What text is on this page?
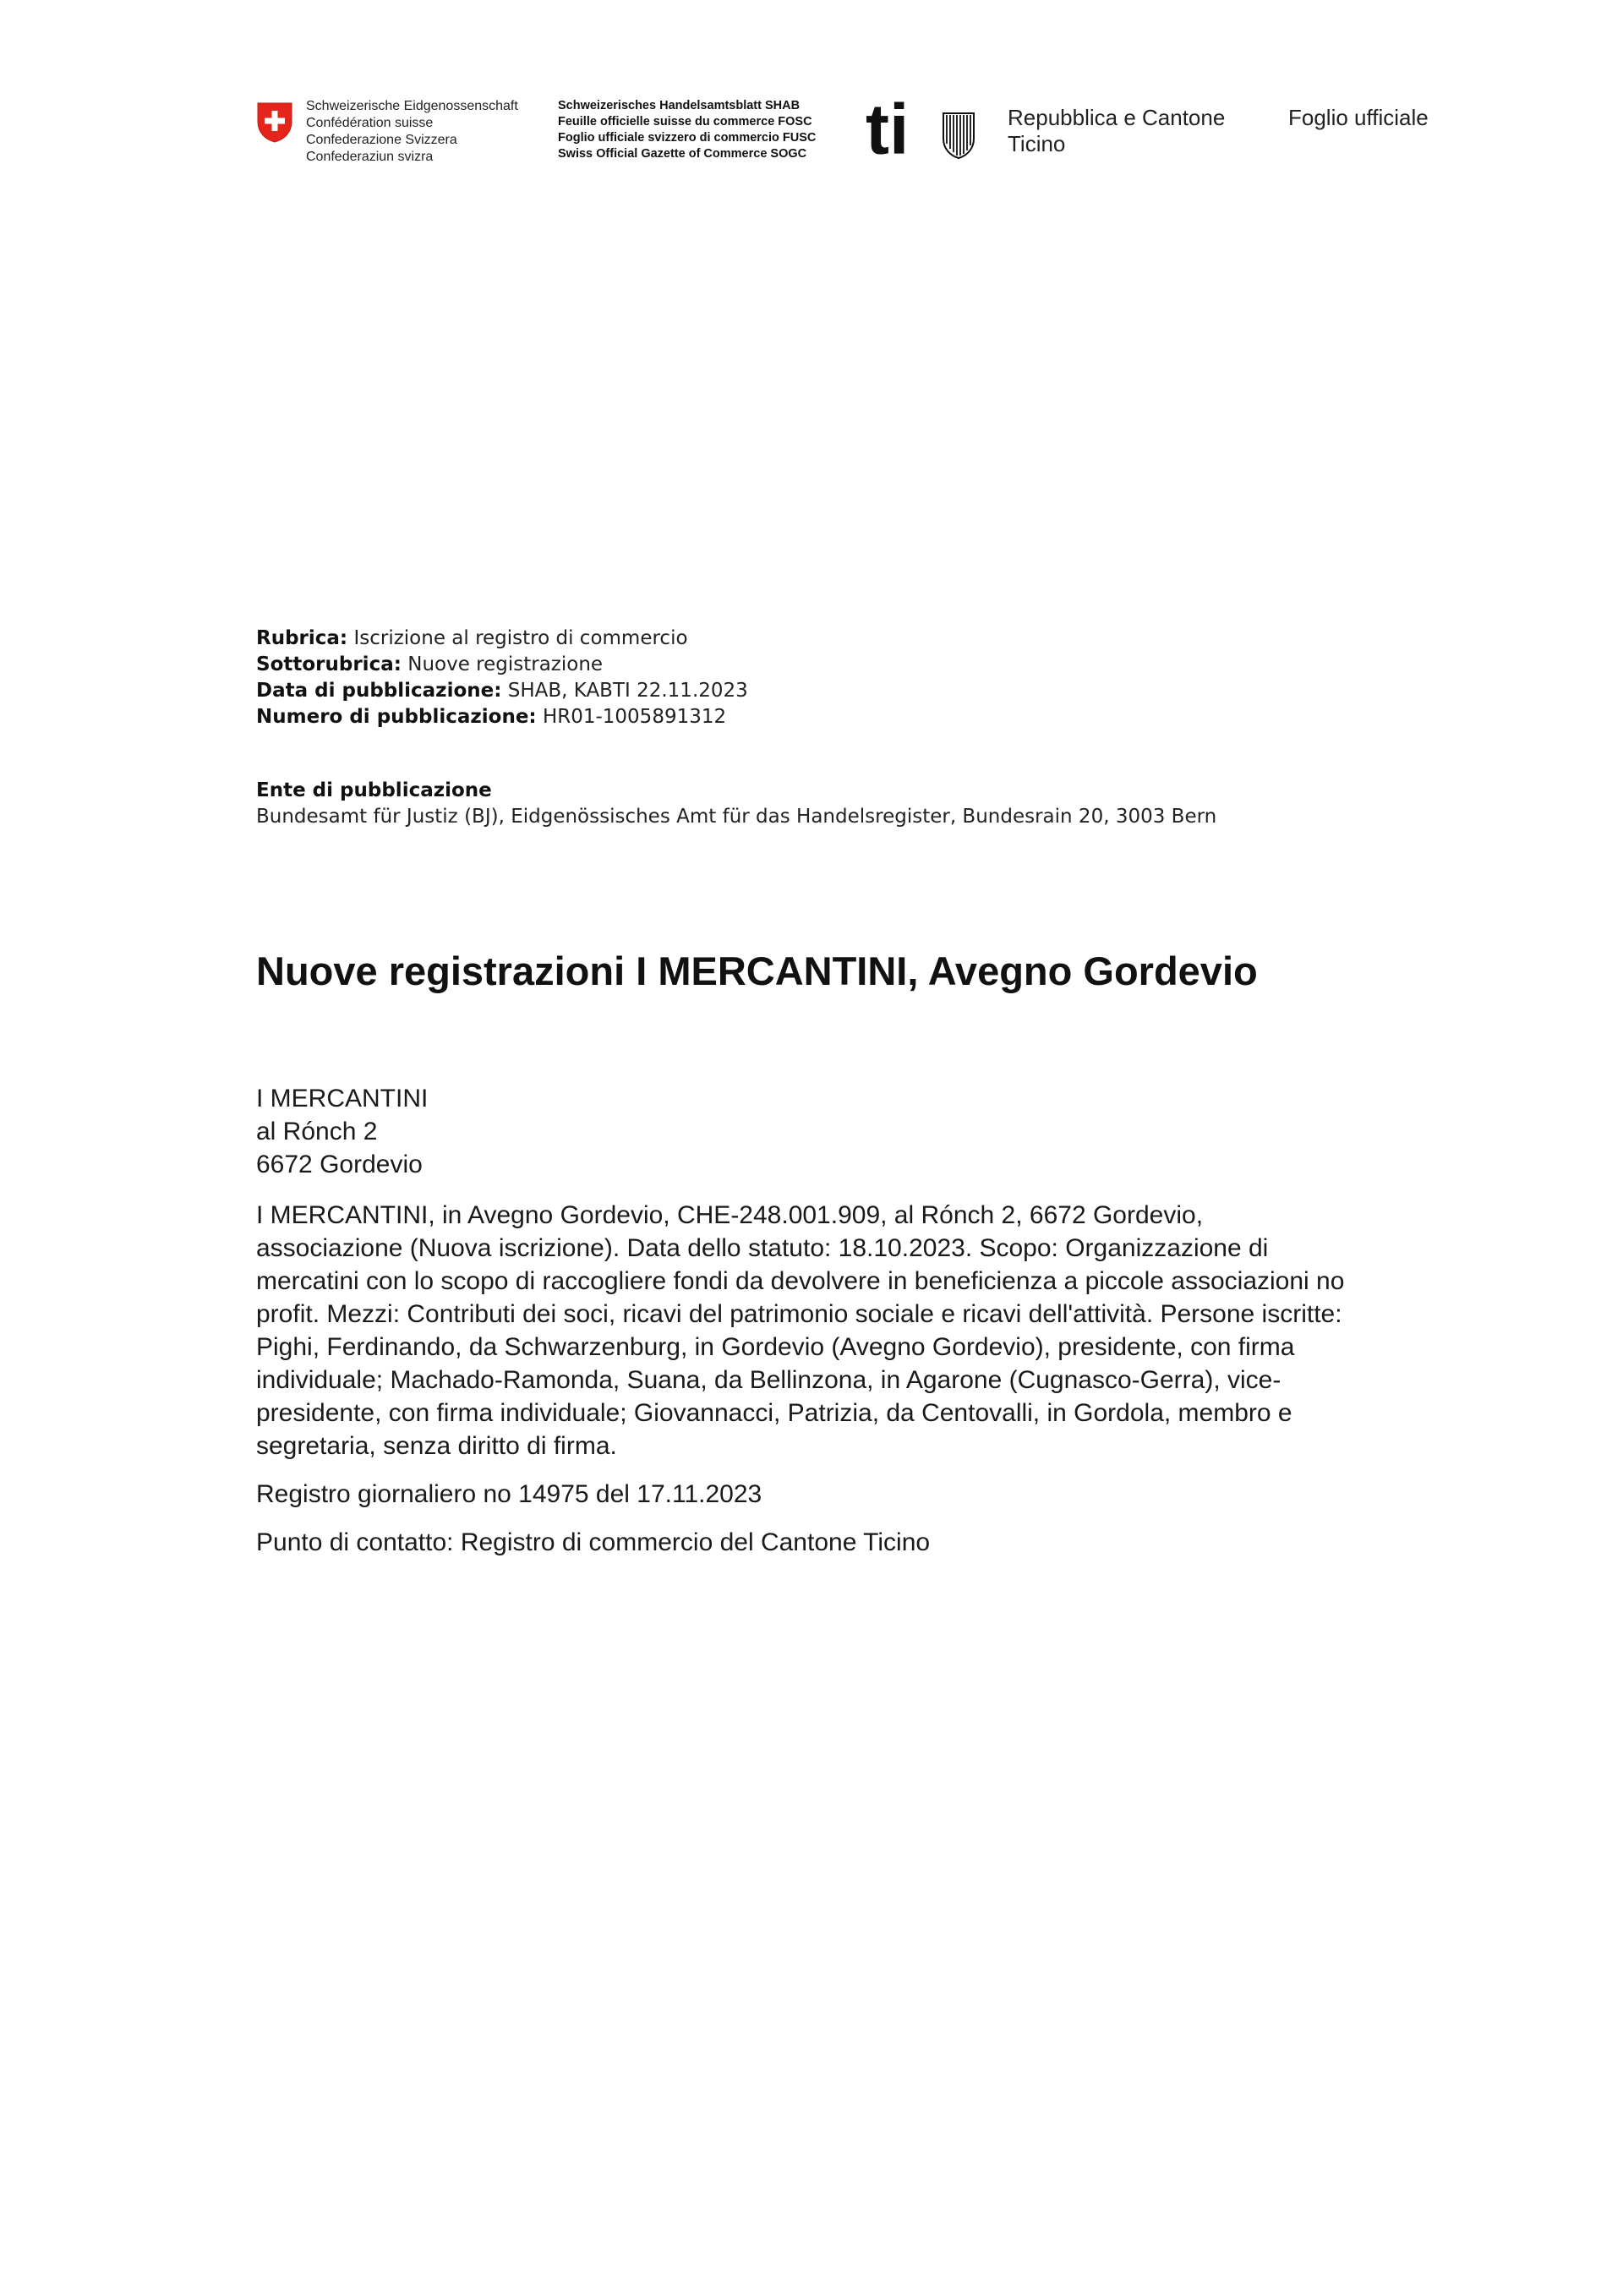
Schweizerische Eidgenossenschaft
Confédération suisse
Confederazione Svizzera
Confederaziun svizra
Schweizerisches Handelsamtsblatt SHAB
Feuille officielle suisse du commerce FOSC
Foglio ufficiale svizzero di commercio FUSC
Swiss Official Gazette of Commerce SOGC ti	Repubblica e Cantone
Ticino
Foglio ufficiale
Rubrica: Iscrizione al registro di commercio
Sottorubrica: Nuove registrazione
Data di pubblicazione: SHAB, KABTI 22.11.2023
Numero di pubblicazione: HR01-1005891312
Ente di pubblicazione
Bundesamt für Justiz (BJ), Eidgenössisches Amt für das Handelsregister, Bundesrain 20, 3003 Bern
Nuove registrazioni I MERCANTINI, Avegno Gordevio
I MERCANTINI
al Rónch 2
6672 Gordevio

I MERCANTINI, in Avegno Gordevio, CHE-248.001.909, al Rónch 2, 6672 Gordevio, associazione (Nuova iscrizione). Data dello statuto: 18.10.2023. Scopo: Organizzazione di mercatini con lo scopo di raccogliere fondi da devolvere in beneficienza a piccole associazioni no profit. Mezzi: Contributi dei soci, ricavi del patrimonio sociale e ricavi dell'attività. Persone iscritte: Pighi, Ferdinando, da Schwarzenburg, in Gordevio (Avegno Gordevio), presidente, con firma individuale; Machado-Ramonda, Suana, da Bellinzona, in Agarone (Cugnasco-Gerra), vice-presidente, con firma individuale; Giovannacci, Patrizia, da Centovalli, in Gordola, membro e segretaria, senza diritto di firma.

Registro giornaliero no 14975 del 17.11.2023

Punto di contatto: Registro di commercio del Cantone Ticino
